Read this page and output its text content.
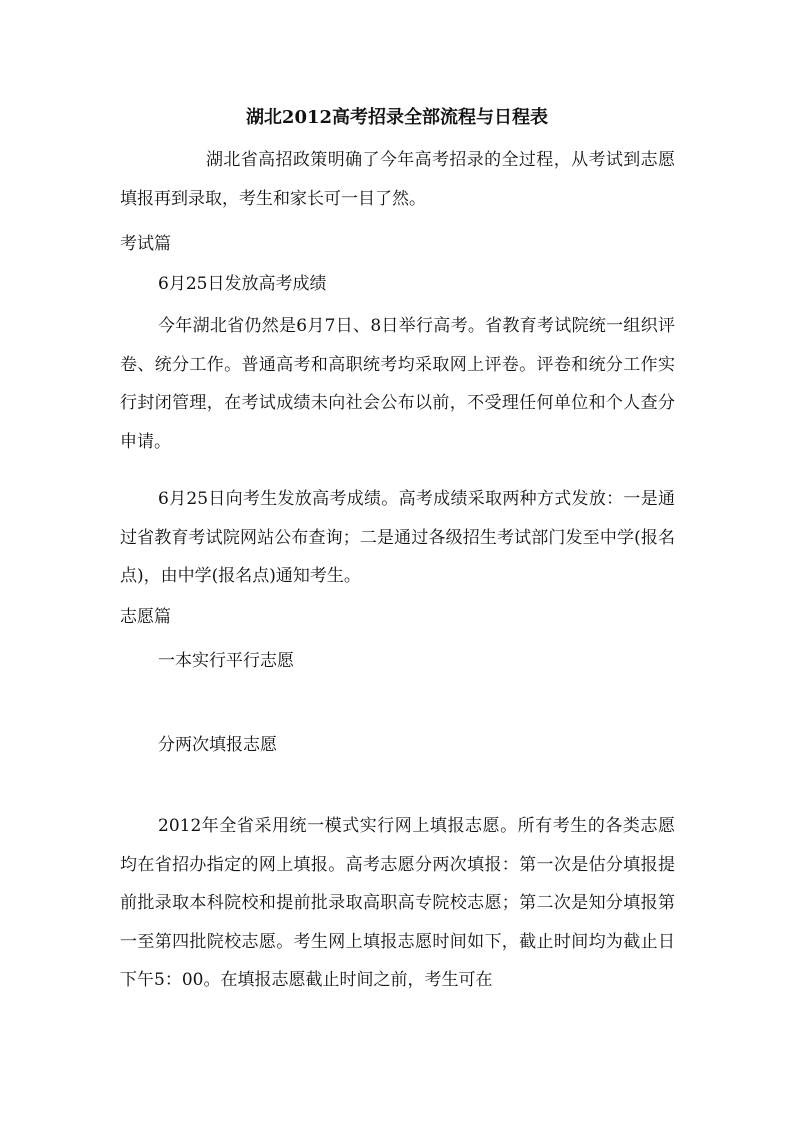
湖北2012高考招录全部流程与日程表

湖北省高招政策明确了今年高考招录的全过程，从考试到志愿填报再到录取，考生和家长可一目了然。

考试篇

6月25日发放高考成绩

今年湖北省仍然是6月7日、8日举行高考。省教育考试院统一组织评卷、统分工作。普通高考和高职统考均采取网上评卷。评卷和统分工作实行封闭管理，在考试成绩未向社会公布以前，不受理任何单位和个人查分申请。

6月25日向考生发放高考成绩。高考成绩采取两种方式发放：一是通过省教育考试院网站公布查询；二是通过各级招生考试部门发至中学(报名点)，由中学(报名点)通知考生。

志愿篇

一本实行平行志愿

分两次填报志愿

2012年全省采用统一模式实行网上填报志愿。所有考生的各类志愿均在省招办指定的网上填报。高考志愿分两次填报：第一次是估分填报提前批录取本科院校和提前批录取高职高专院校志愿；第二次是知分填报第一至第四批院校志愿。考生网上填报志愿时间如下，截止时间均为截止日下午5：00。在填报志愿截止时间之前，考生可在
